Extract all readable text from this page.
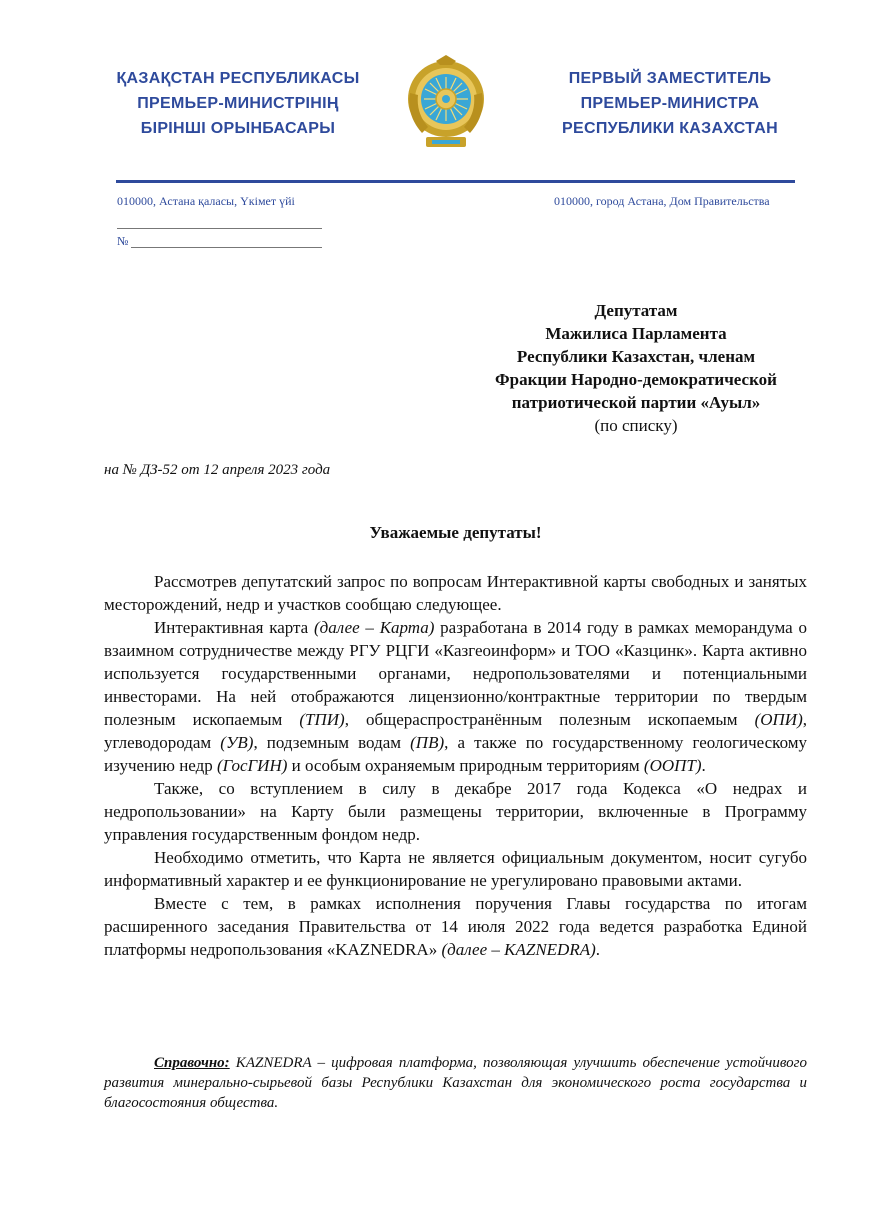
ҚАЗАҚСТАН РЕСПУБЛИКАСЫ
ПРЕМЬЕР-МИНИСТРІНІҢ
БІРІНШІ ОРЫНБАСАРЫ
ПЕРВЫЙ ЗАМЕСТИТЕЛЬ
ПРЕМЬЕР-МИНИСТРА
РЕСПУБЛИКИ КАЗАХСТАН
010000, Астана қаласы, Үкімет үйі	010000, город Астана, Дом Правительства
№
Депутатам
Мажилиса Парламента
Республики Казахстан, членам
Фракции Народно-демократической
патриотической партии «Ауыл»
(по списку)
на № ДЗ-52 от 12 апреля 2023 года
Уважаемые депутаты!

Рассмотрев депутатский запрос по вопросам Интерактивной карты свободных и занятых месторождений, недр и участков сообщаю следующее.

Интерактивная карта (далее – Карта) разработана в 2014 году в рамках меморандума о взаимном сотрудничестве между РГУ РЦГИ «Казгеоинформ» и ТОО «Казцинк». Карта активно используется государственными органами, недропользователями и потенциальными инвесторами. На ней отображаются лицензионно/контрактные территории по твердым полезным ископаемым (ТПИ), общераспространённым полезным ископаемым (ОПИ), углеводородам (УВ), подземным водам (ПВ), а также по государственному геологическому изучению недр (ГосГИН) и особым охраняемым природным территориям (ООПТ).

Также, со вступлением в силу в декабре 2017 года Кодекса «О недрах и недропользовании» на Карту были размещены территории, включенные в Программу управления государственным фондом недр.

Необходимо отметить, что Карта не является официальным документом, носит сугубо информативный характер и ее функционирование не урегулировано правовыми актами.

Вместе с тем, в рамках исполнения поручения Главы государства по итогам расширенного заседания Правительства от 14 июля 2022 года ведется разработка Единой платформы недропользования «KAZNEDRA» (далее – KAZNEDRA).

Справочно: KAZNEDRA – цифровая платформа, позволяющая улучшить обеспечение устойчивого развития минерально-сырьевой базы Республики Казахстан для экономического роста государства и благосостояния общества.
